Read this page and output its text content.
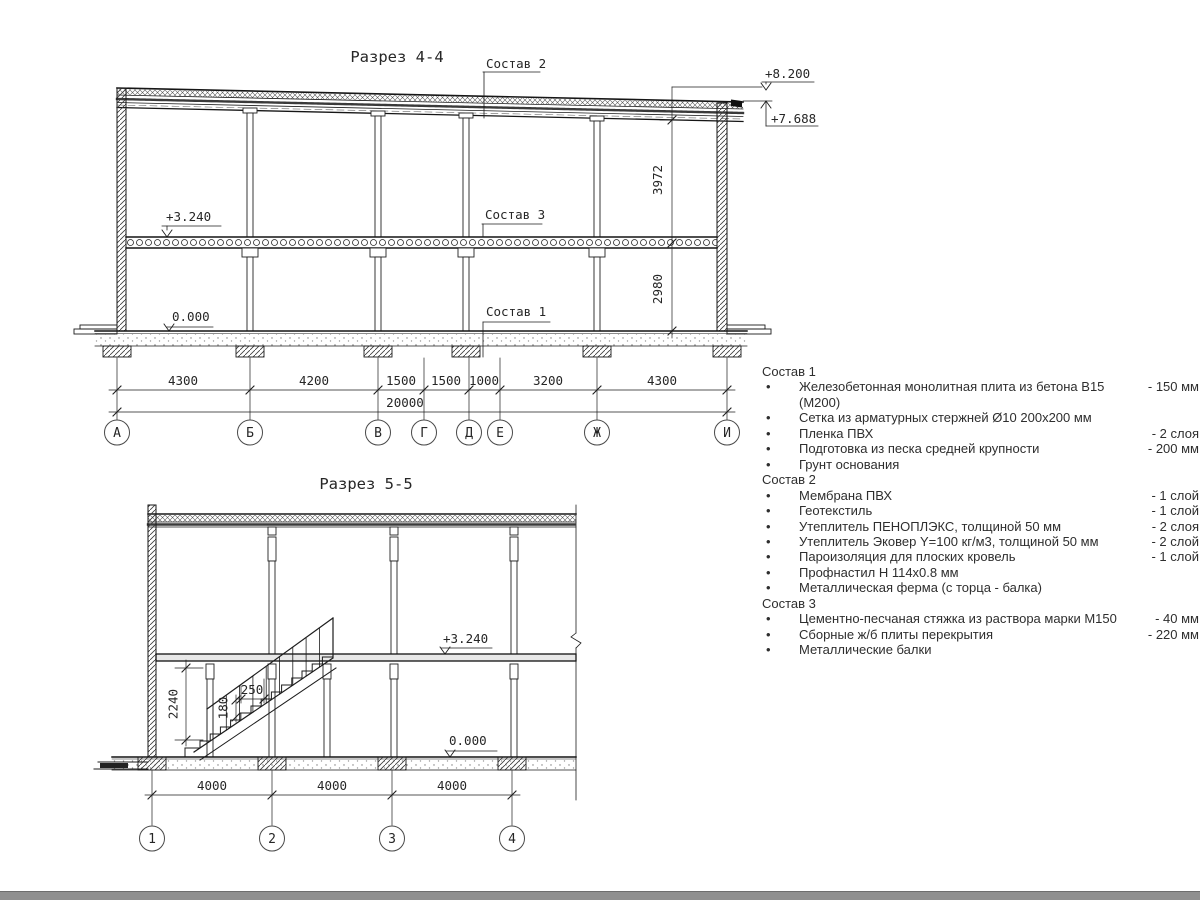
Разрез 4-4	Состав 2
Состав 3
Состав 1
+8.200
+7.688
+3.240
0.000
3972
2980
4300	4200	1500 1500 1000	3200	4300
20000
А	Б	В	Г	Д Е	Ж	И
Разрез 5-5
2240	250
180
+3.240
0.000
4000	4000	4000
1	2	3	4
Состав 1
•	Железобетонная монолитная плита из бетона В15 (М200)
- 150 мм
•	Сетка из арматурных стержней Ø10 200х200 мм
•	Пленка ПВХ	- 2 слоя
•	Подготовка из песка средней крупности	- 200 мм
•	Грунт основания
Состав 2
•	Мембрана ПВХ	- 1 слой
•	Геотекстиль	- 1 слой
•	Утеплитель ПЕНОПЛЭКС, толщиной 50 мм	- 2 слоя
•	Утеплитель Эковер Y=100 кг/м3, толщиной 50 мм	- 2 слой
•	Пароизоляция для плоских кровель	- 1 слой
•	Профнастил Н 114х0.8 мм
•	Металлическая ферма (с торца - балка)
Состав 3
•	Цементно-песчаная стяжка из раствора марки М150	- 40 мм
•	Сборные ж/б плиты перекрытия	- 220 мм
•	Металлические балки
